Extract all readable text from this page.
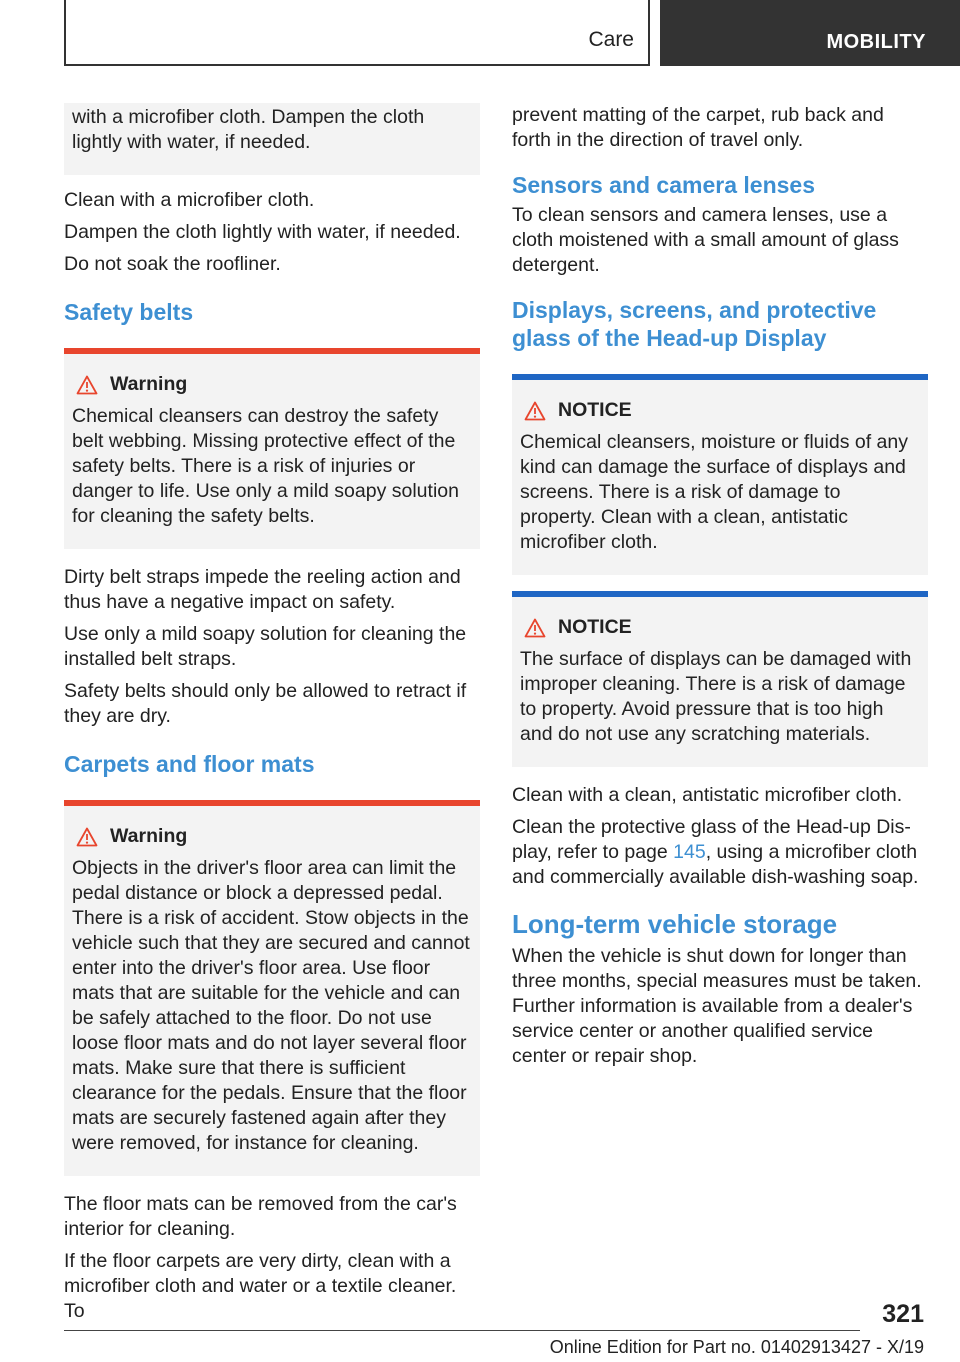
Care	MOBILITY

with a microfiber cloth. Dampen the cloth lightly with water, if needed.

Clean with a microfiber cloth.

Dampen the cloth lightly with water, if needed.

Do not soak the roofliner.

Safety belts
Warning
Chemical cleansers can destroy the safety belt webbing. Missing protective effect of the safety belts. There is a risk of injuries or danger to life. Use only a mild soapy solution for cleaning the safety belts.

Dirty belt straps impede the reeling action and thus have a negative impact on safety.

Use only a mild soapy solution for cleaning the installed belt straps.

Safety belts should only be allowed to retract if they are dry.

Carpets and floor mats
Warning
Objects in the driver's floor area can limit the pedal distance or block a depressed pedal. There is a risk of accident. Stow objects in the vehicle such that they are secured and cannot enter into the driver's floor area. Use floor mats that are suitable for the vehicle and can be safely attached to the floor. Do not use loose floor mats and do not layer several floor mats. Make sure that there is sufficient clearance for the pedals. Ensure that the floor mats are securely fastened again after they were removed, for instance for cleaning.

The floor mats can be removed from the car's interior for cleaning.

If the floor carpets are very dirty, clean with a microfiber cloth and water or a textile cleaner. To

prevent matting of the carpet, rub back and forth in the direction of travel only.

Sensors and camera lenses

To clean sensors and camera lenses, use a cloth moistened with a small amount of glass detergent.

Displays, screens, and protective glass of the Head-up Display
NOTICE
Chemical cleansers, moisture or fluids of any kind can damage the surface of displays and screens. There is a risk of damage to property. Clean with a clean, antistatic microfiber cloth.
NOTICE
The surface of displays can be damaged with improper cleaning. There is a risk of damage to property. Avoid pressure that is too high and do not use any scratching materials.

Clean with a clean, antistatic microfiber cloth.

Clean the protective glass of the Head-up Display, refer to page 145, using a microfiber cloth and commercially available dish-washing soap.

Long-term vehicle storage

When the vehicle is shut down for longer than three months, special measures must be taken. Further information is available from a dealer's service center or another qualified service center or repair shop.

321
Online Edition for Part no. 01402913427 - X/19
